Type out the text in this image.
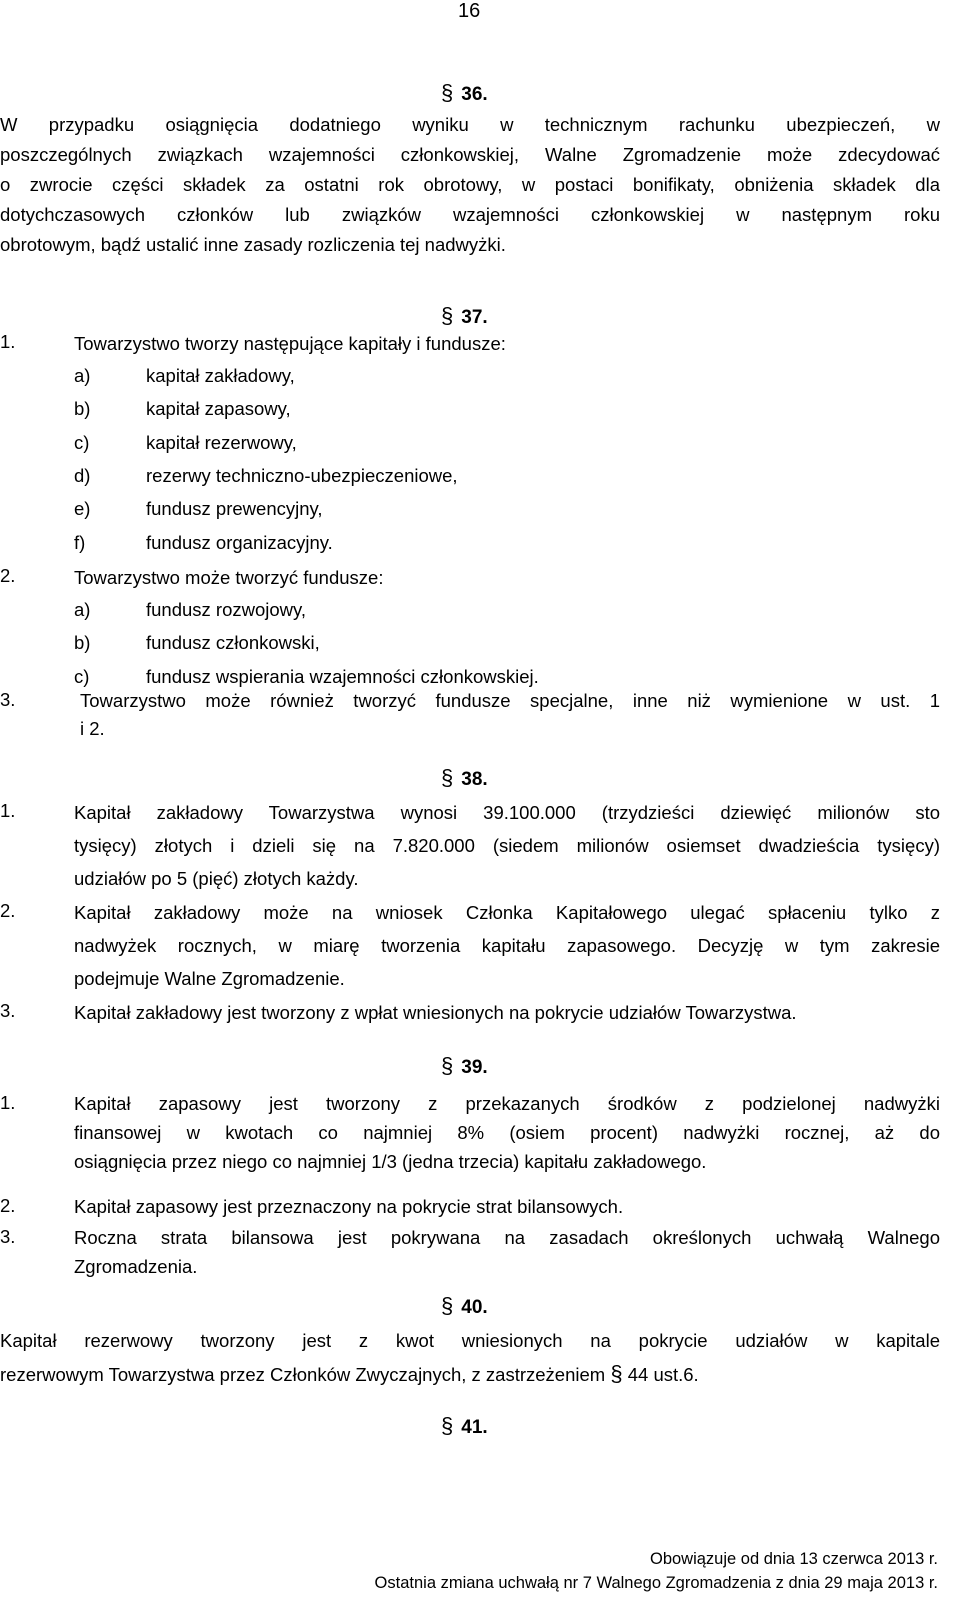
16
§ 36.
W przypadku osiągnięcia dodatniego wyniku w technicznym rachunku ubezpieczeń, w
poszczególnych związkach wzajemności członkowskiej, Walne Zgromadzenie może zdecydować
o zwrocie części składek za ostatni rok obrotowy, w postaci bonifikaty, obniżenia składek dla
dotychczasowych członków lub związków wzajemności członkowskiej w następnym roku
obrotowym, bądź ustalić inne zasady rozliczenia tej nadwyżki.
§ 37.
1.	Towarzystwo tworzy następujące kapitały i fundusze:
a)	kapitał zakładowy,
b)	kapitał zapasowy,
c)	kapitał rezerwowy,
d)	rezerwy techniczno-ubezpieczeniowe,
e)	fundusz prewencyjny,
f)	fundusz organizacyjny.
2.	Towarzystwo może tworzyć fundusze:
a)	fundusz rozwojowy,
b)	fundusz członkowski,
c)	fundusz wspierania wzajemności członkowskiej.
3.	Towarzystwo może również tworzyć fundusze specjalne, inne niż wymienione w ust. 1
i 2.
§ 38.
1.	Kapitał zakładowy Towarzystwa wynosi 39.100.000 (trzydzieści dziewięć milionów sto
tysięcy) złotych i dzieli się na 7.820.000 (siedem milionów osiemset dwadzieścia tysięcy)
udziałów po 5 (pięć) złotych każdy.
2.	Kapitał zakładowy może na wniosek Członka Kapitałowego ulegać spłaceniu tylko z
nadwyżek rocznych, w miarę tworzenia kapitału zapasowego. Decyzję w tym zakresie
podejmuje Walne Zgromadzenie.
3.	Kapitał zakładowy jest tworzony z wpłat wniesionych na pokrycie udziałów Towarzystwa.
§ 39.
1.	Kapitał zapasowy jest tworzony z przekazanych środków z podzielonej nadwyżki
finansowej w kwotach co najmniej 8% (osiem procent) nadwyżki rocznej, aż do
osiągnięcia przez niego co najmniej 1/3 (jedna trzecia) kapitału zakładowego.
2.	Kapitał zapasowy jest przeznaczony na pokrycie strat bilansowych.
3.	Roczna strata bilansowa jest pokrywana na zasadach określonych uchwałą Walnego
Zgromadzenia.
§ 40.
Kapitał rezerwowy tworzony jest z kwot wniesionych na pokrycie udziałów w kapitale
rezerwowym Towarzystwa przez Członków Zwyczajnych, z zastrzeżeniem § 44 ust.6.
§ 41.
Obowiązuje od dnia 13 czerwca 2013 r.
Ostatnia zmiana uchwałą nr 7 Walnego Zgromadzenia z dnia 29 maja 2013 r.
